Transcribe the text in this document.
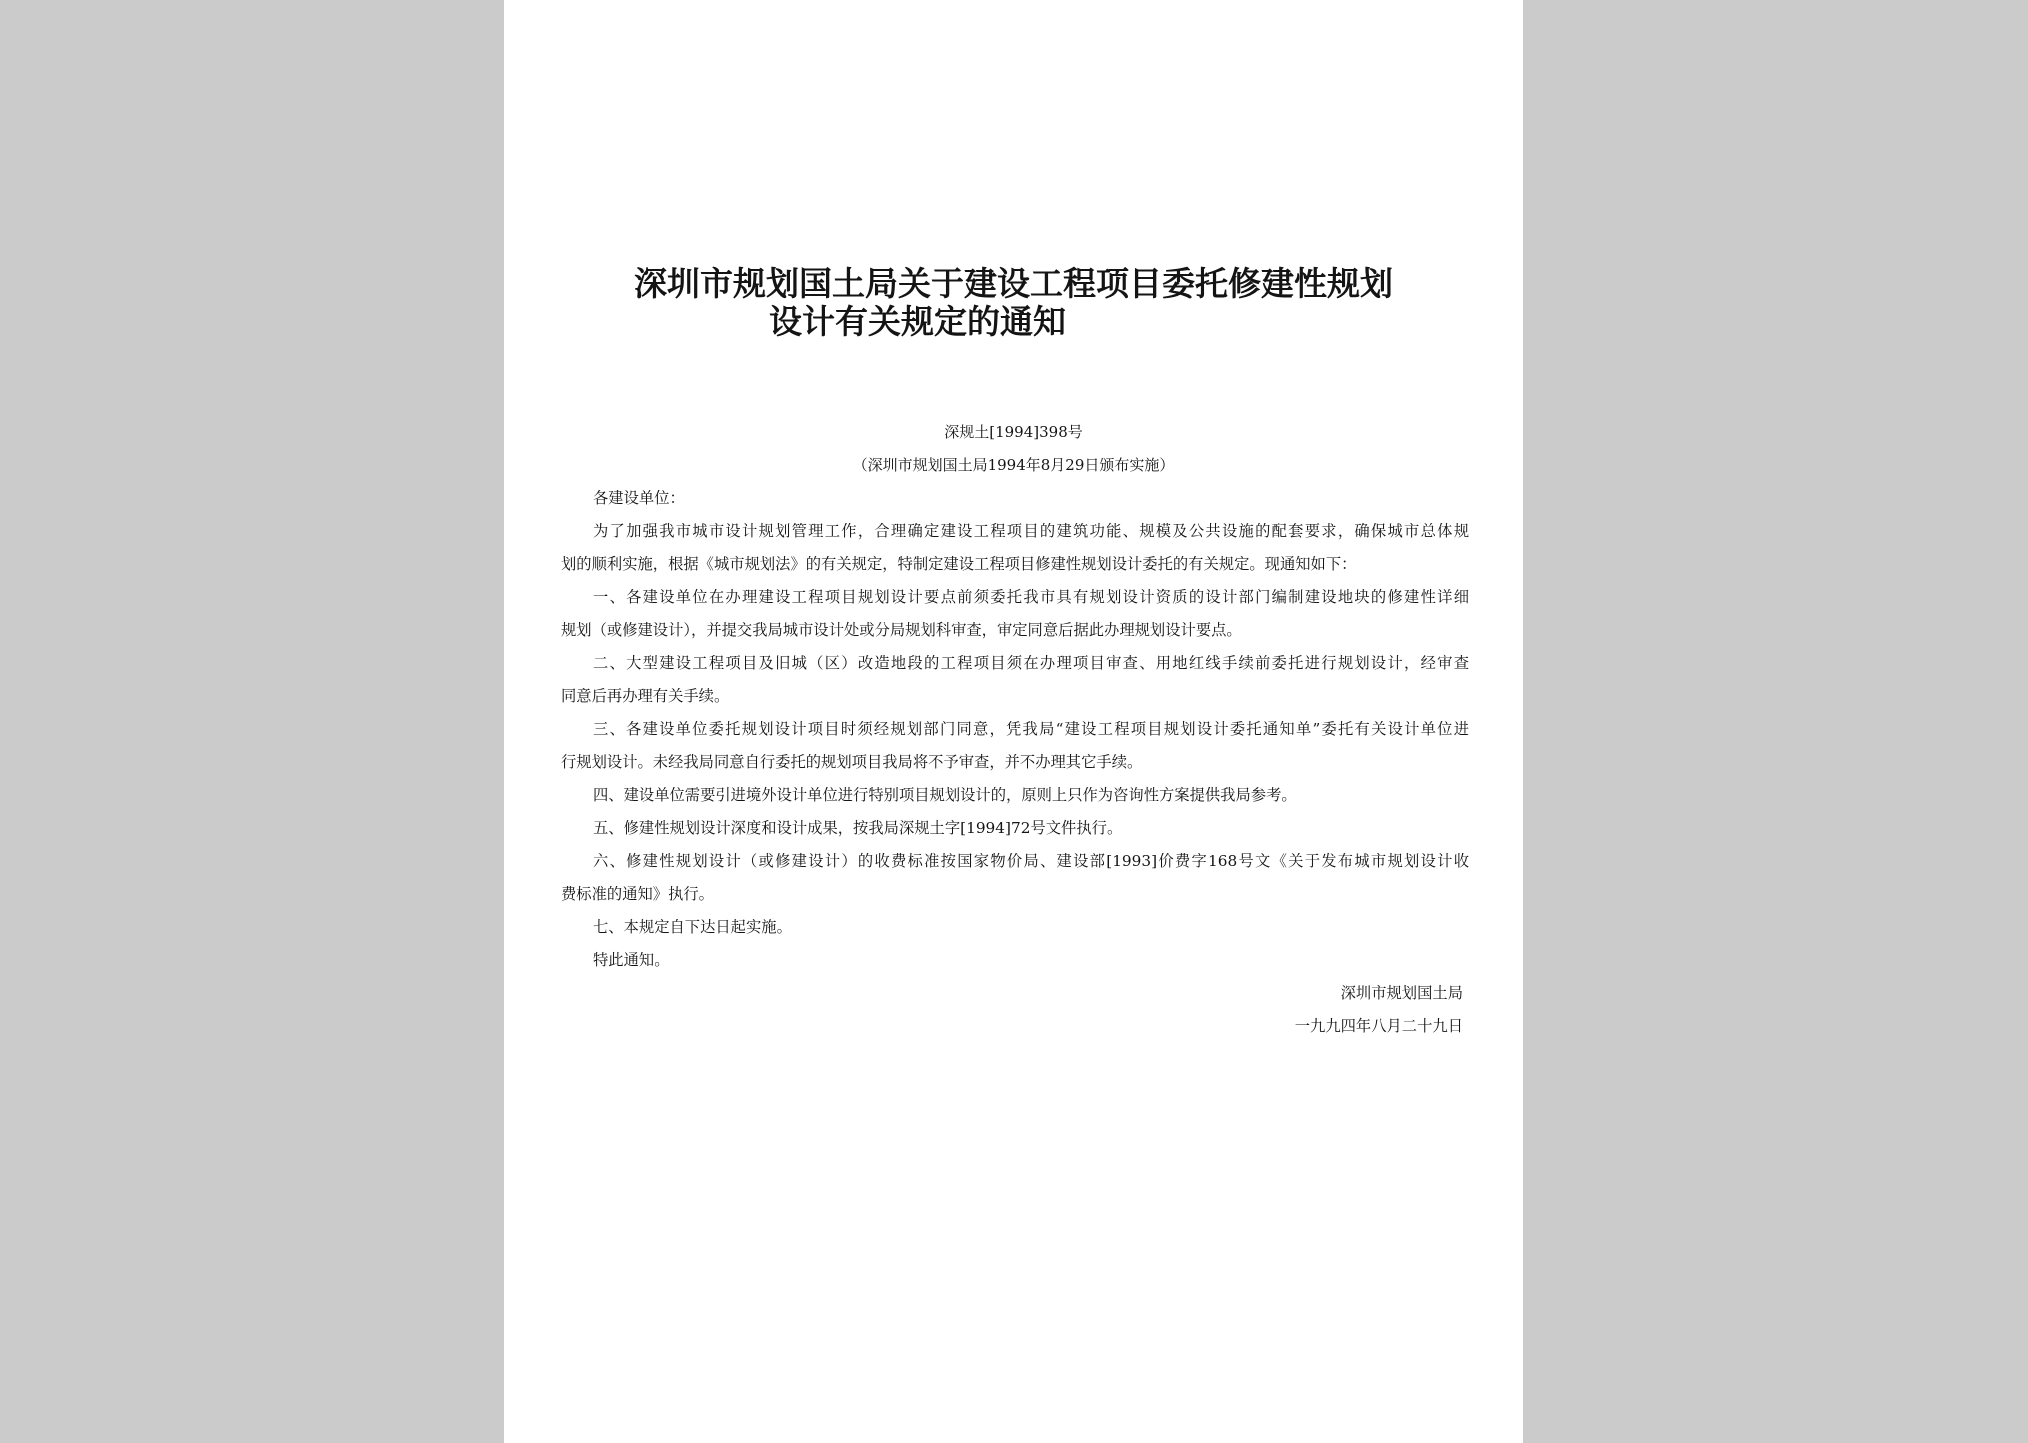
深圳市规划国土局关于建设工程项目委托修建性规划
设计有关规定的通知
深规土[1994]398号
（深圳市规划国土局1994年8月29日颁布实施）
各建设单位：
为了加强我市城市设计规划管理工作，合理确定建设工程项目的建筑功能、规模及公共设施的配套要求，确保城市总体规
划的顺利实施，根据《城市规划法》的有关规定，特制定建设工程项目修建性规划设计委托的有关规定。现通知如下：
一、各建设单位在办理建设工程项目规划设计要点前须委托我市具有规划设计资质的设计部门编制建设地块的修建性详细
规划（或修建设计），并提交我局城市设计处或分局规划科审查，审定同意后据此办理规划设计要点。
二、大型建设工程项目及旧城（区）改造地段的工程项目须在办理项目审查、用地红线手续前委托进行规划设计，经审查
同意后再办理有关手续。
三、各建设单位委托规划设计项目时须经规划部门同意，凭我局“建设工程项目规划设计委托通知单”委托有关设计单位进
行规划设计。未经我局同意自行委托的规划项目我局将不予审查，并不办理其它手续。
四、建设单位需要引进境外设计单位进行特别项目规划设计的，原则上只作为咨询性方案提供我局参考。
五、修建性规划设计深度和设计成果，按我局深规土字[1994]72号文件执行。
六、修建性规划设计（或修建设计）的收费标准按国家物价局、建设部[1993]价费字168号文《关于发布城市规划设计收
费标准的通知》执行。
七、本规定自下达日起实施。
特此通知。
深圳市规划国土局
一九九四年八月二十九日
